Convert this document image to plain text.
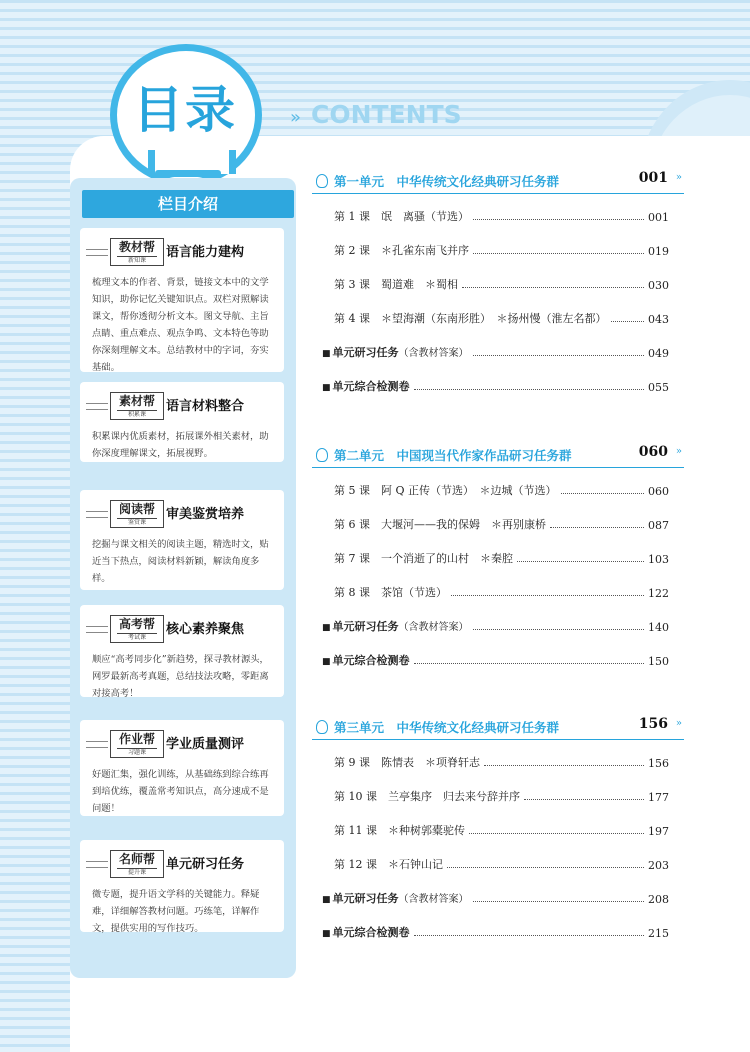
目录	» CONTENTS
栏目介绍
教材帮
新知课
语言能力建构
梳理文本的作者、背景，链接文本中的文学知识，助你记忆关键知识点。双栏对照解读课文，帮你透彻分析文本。图文导航、主旨点睛、重点难点、观点争鸣、文本特色等助你深刻理解文本。总结教材中的字词，夯实基础。
素材帮
积累课
语言材料整合
积累课内优质素材，拓展课外相关素材，助你深度理解课文，拓展视野。
阅读帮
鉴赏课
审美鉴赏培养
挖掘与课文相关的阅读主题，精选时文，贴近当下热点，阅读材料新颖，解读角度多样。
高考帮
考试课
核心素养聚焦
顺应“高考同步化”新趋势，探寻教材源头，网罗最新高考真题，总结技法攻略，零距离对接高考！
作业帮
习题课
学业质量测评
好题汇集，强化训练，从基础练到综合练再到培优练，覆盖常考知识点，高分速成不是问题！
名师帮
提升课
单元研习任务
微专题，提升语文学科的关键能力。释疑难，详细解答教材问题。巧练笔，详解作文，提供实用的写作技巧。
第一单元　中华传统文化经典研习任务群	001 »
第 1 课　氓　离骚（节选）	001
第 2 课　＊孔雀东南飞并序	019
第 3 课　蜀道难　＊蜀相	030
第 4 课　＊望海潮（东南形胜）　＊扬州慢（淮左名都）	043
■ 单元研习任务（含教材答案）	049
■ 单元综合检测卷	055
第二单元　中国现当代作家作品研习任务群	060 »
第 5 课　阿 Q 正传（节选）　＊边城（节选）	060
第 6 课　大堰河——我的保姆　＊再别康桥	087
第 7 课　一个消逝了的山村　＊秦腔	103
第 8 课　茶馆（节选）	122
■ 单元研习任务（含教材答案）	140
■ 单元综合检测卷	150
第三单元　中华传统文化经典研习任务群	156 »
第 9 课　陈情表　＊项脊轩志	156
第 10 课　兰亭集序　归去来兮辞并序	177
第 11 课　＊种树郭橐驼传	197
第 12 课　＊石钟山记	203
■ 单元研习任务（含教材答案）	208
■ 单元综合检测卷	215
